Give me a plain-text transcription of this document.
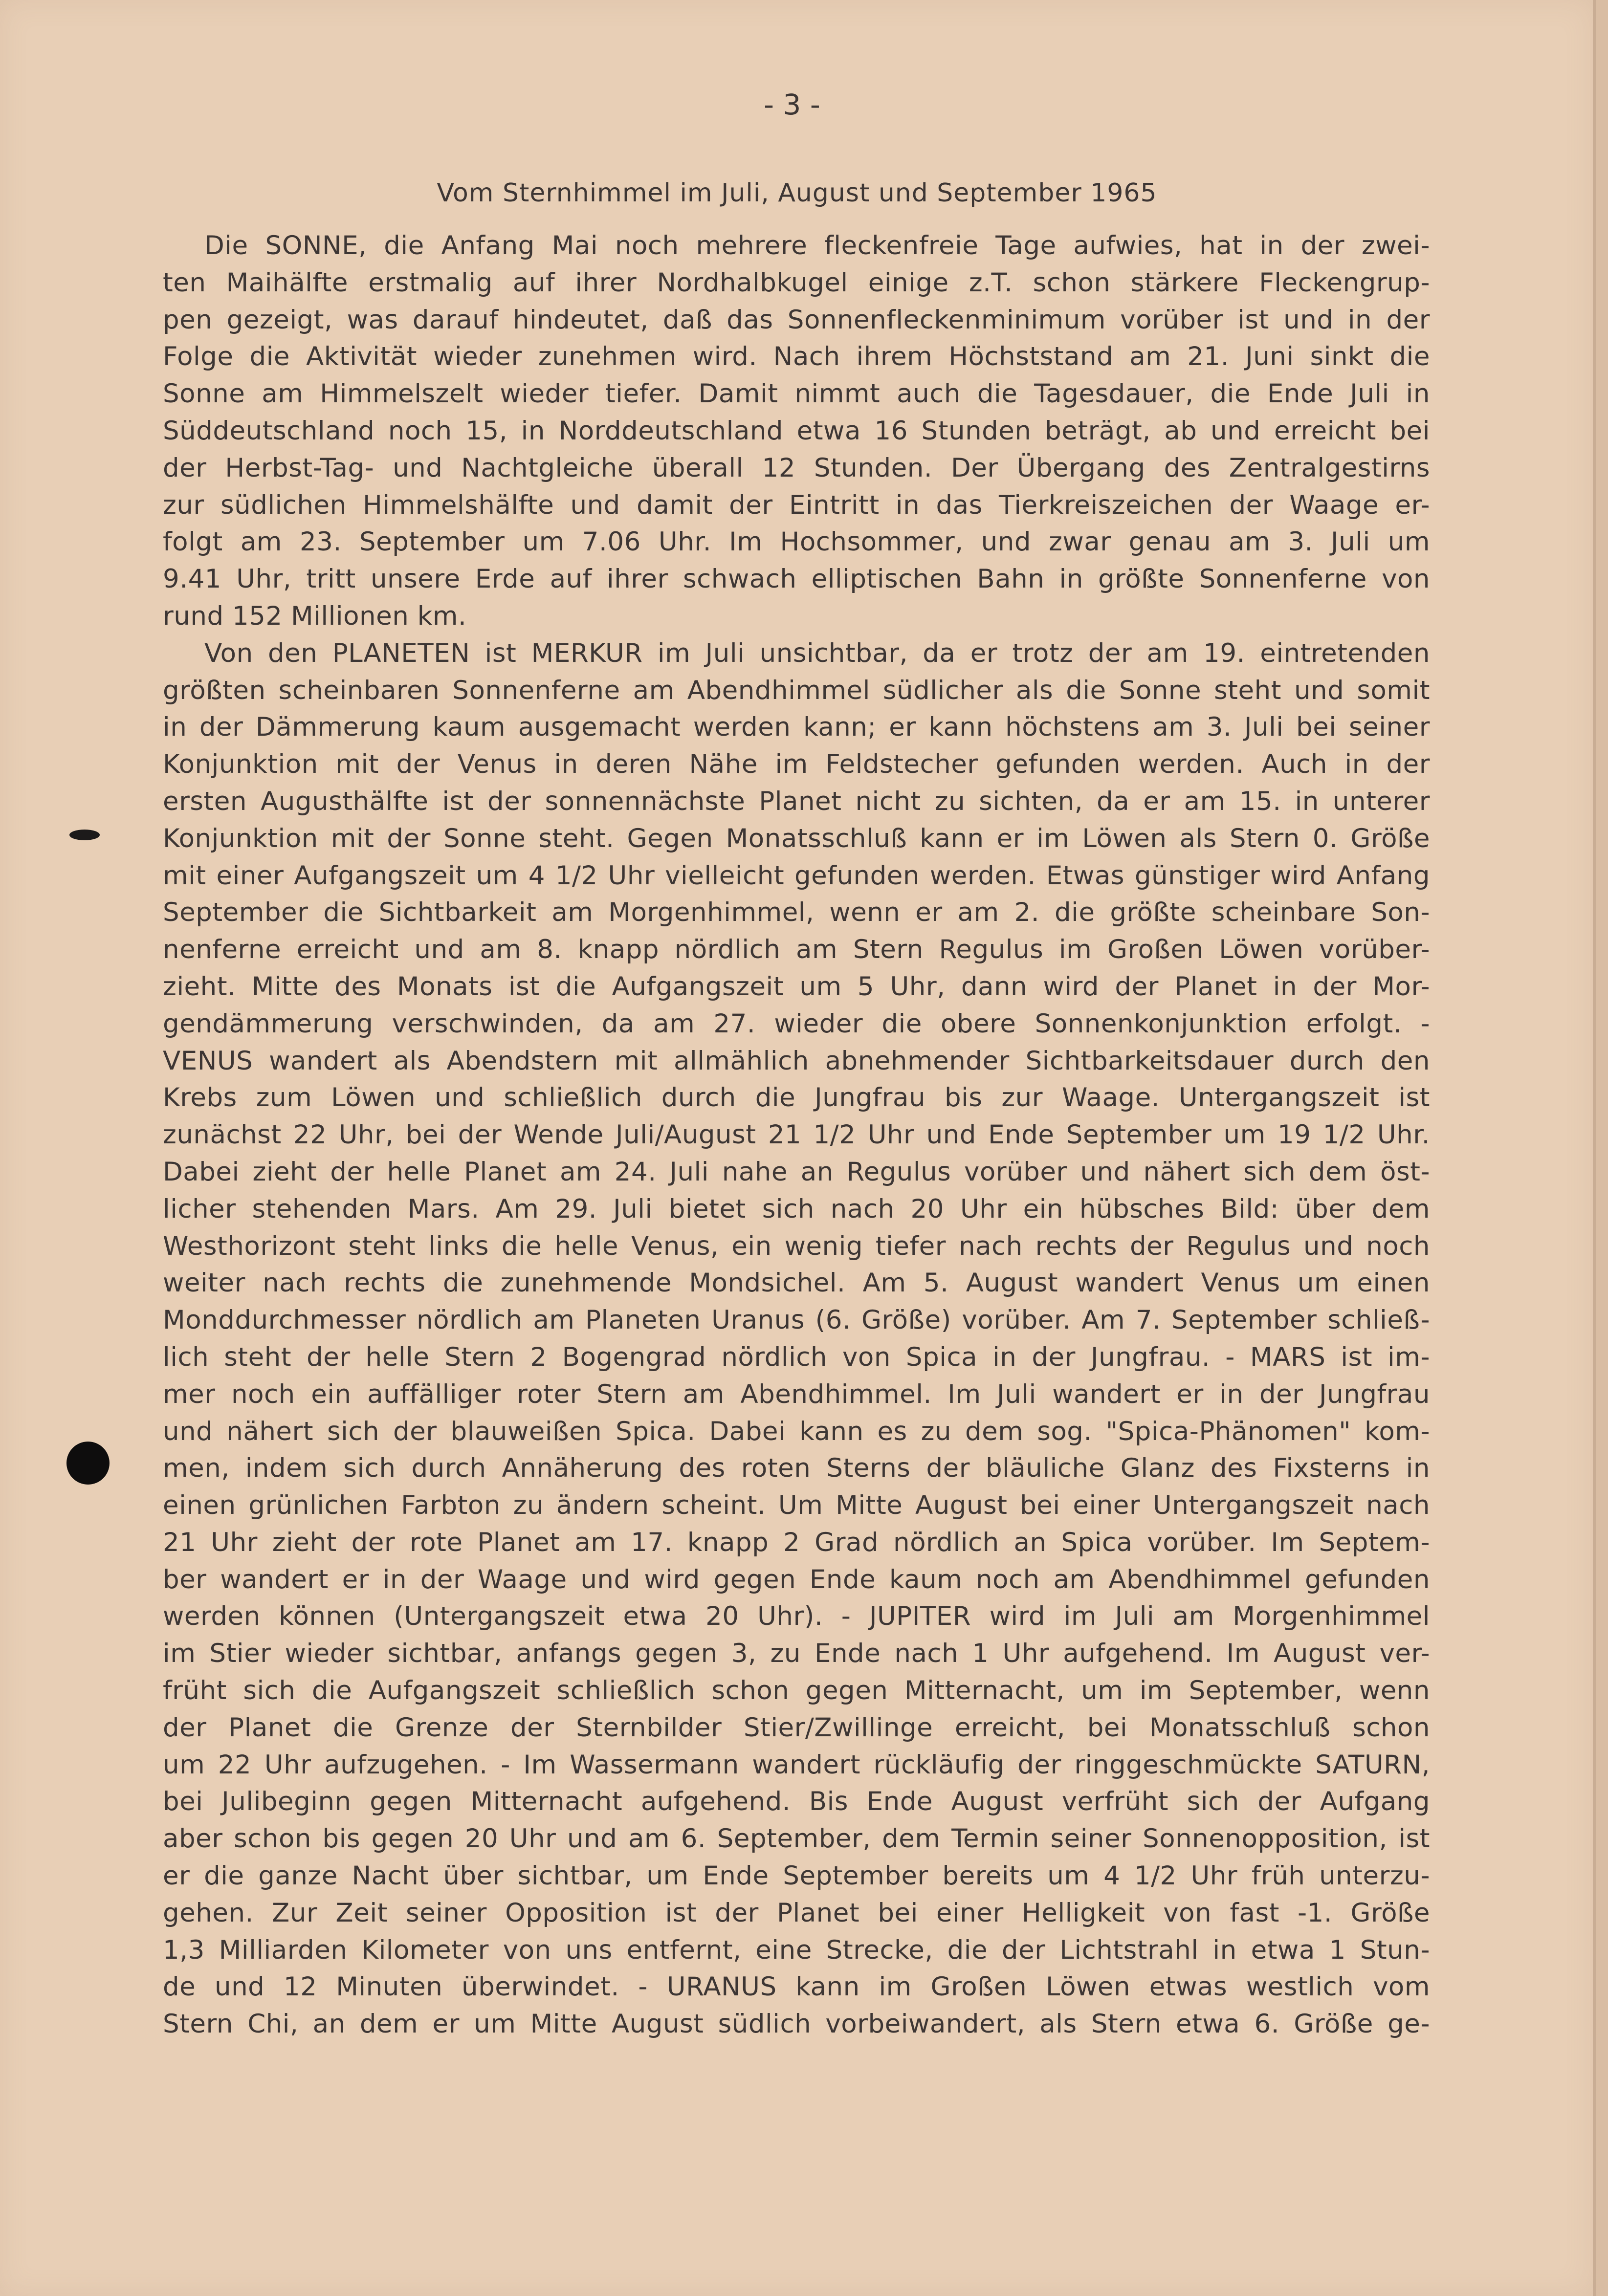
- 3 -
Vom Sternhimmel im Juli, August und September 1965
Die SONNE, die Anfang Mai noch mehrere fleckenfreie Tage aufwies, hat in der zwei-
ten Maihälfte erstmalig auf ihrer Nordhalbkugel einige z.T. schon stärkere Fleckengrup-
pen gezeigt, was darauf hindeutet, daß das Sonnenfleckenminimum vorüber ist und in der
Folge die Aktivität wieder zunehmen wird. Nach ihrem Höchststand am 21. Juni sinkt die
Sonne am Himmelszelt wieder tiefer. Damit nimmt auch die Tagesdauer, die Ende Juli in
Süddeutschland noch 15, in Norddeutschland etwa 16 Stunden beträgt, ab und erreicht bei
der Herbst-Tag- und Nachtgleiche überall 12 Stunden. Der Übergang des Zentralgestirns
zur südlichen Himmelshälfte und damit der Eintritt in das Tierkreiszeichen der Waage er-
folgt am 23. September um 7.06 Uhr. Im Hochsommer, und zwar genau am 3. Juli um
9.41 Uhr, tritt unsere Erde auf ihrer schwach elliptischen Bahn in größte Sonnenferne von
rund 152 Millionen km.
Von den PLANETEN ist MERKUR im Juli unsichtbar, da er trotz der am 19. eintretenden
größten scheinbaren Sonnenferne am Abendhimmel südlicher als die Sonne steht und somit
in der Dämmerung kaum ausgemacht werden kann; er kann höchstens am 3. Juli bei seiner
Konjunktion mit der Venus in deren Nähe im Feldstecher gefunden werden. Auch in der
ersten Augusthälfte ist der sonnennächste Planet nicht zu sichten, da er am 15. in unterer
Konjunktion mit der Sonne steht. Gegen Monatsschluß kann er im Löwen als Stern 0. Größe
mit einer Aufgangszeit um 4 1/2 Uhr vielleicht gefunden werden. Etwas günstiger wird Anfang
September die Sichtbarkeit am Morgenhimmel, wenn er am 2. die größte scheinbare Son-
nenferne erreicht und am 8. knapp nördlich am Stern Regulus im Großen Löwen vorüber-
zieht. Mitte des Monats ist die Aufgangszeit um 5 Uhr, dann wird der Planet in der Mor-
gendämmerung verschwinden, da am 27. wieder die obere Sonnenkonjunktion erfolgt. -
VENUS wandert als Abendstern mit allmählich abnehmender Sichtbarkeitsdauer durch den
Krebs zum Löwen und schließlich durch die Jungfrau bis zur Waage. Untergangszeit ist
zunächst 22 Uhr, bei der Wende Juli/August 21 1/2 Uhr und Ende September um 19 1/2 Uhr.
Dabei zieht der helle Planet am 24. Juli nahe an Regulus vorüber und nähert sich dem öst-
licher stehenden Mars. Am 29. Juli bietet sich nach 20 Uhr ein hübsches Bild: über dem
Westhorizont steht links die helle Venus, ein wenig tiefer nach rechts der Regulus und noch
weiter nach rechts die zunehmende Mondsichel. Am 5. August wandert Venus um einen
Monddurchmesser nördlich am Planeten Uranus (6. Größe) vorüber. Am 7. September schließ-
lich steht der helle Stern 2 Bogengrad nördlich von Spica in der Jungfrau. - MARS ist im-
mer noch ein auffälliger roter Stern am Abendhimmel. Im Juli wandert er in der Jungfrau
und nähert sich der blauweißen Spica. Dabei kann es zu dem sog. "Spica-Phänomen" kom-
men, indem sich durch Annäherung des roten Sterns der bläuliche Glanz des Fixsterns in
einen grünlichen Farbton zu ändern scheint. Um Mitte August bei einer Untergangszeit nach
21 Uhr zieht der rote Planet am 17. knapp 2 Grad nördlich an Spica vorüber. Im Septem-
ber wandert er in der Waage und wird gegen Ende kaum noch am Abendhimmel gefunden
werden können (Untergangszeit etwa 20 Uhr). - JUPITER wird im Juli am Morgenhimmel
im Stier wieder sichtbar, anfangs gegen 3, zu Ende nach 1 Uhr aufgehend. Im August ver-
früht sich die Aufgangszeit schließlich schon gegen Mitternacht, um im September, wenn
der Planet die Grenze der Sternbilder Stier/Zwillinge erreicht, bei Monatsschluß schon
um 22 Uhr aufzugehen. - Im Wassermann wandert rückläufig der ringgeschmückte SATURN,
bei Julibeginn gegen Mitternacht aufgehend. Bis Ende August verfrüht sich der Aufgang
aber schon bis gegen 20 Uhr und am 6. September, dem Termin seiner Sonnenopposition, ist
er die ganze Nacht über sichtbar, um Ende September bereits um 4 1/2 Uhr früh unterzu-
gehen. Zur Zeit seiner Opposition ist der Planet bei einer Helligkeit von fast -1. Größe
1,3 Milliarden Kilometer von uns entfernt, eine Strecke, die der Lichtstrahl in etwa 1 Stun-
de und 12 Minuten überwindet. - URANUS kann im Großen Löwen etwas westlich vom
Stern Chi, an dem er um Mitte August südlich vorbeiwandert, als Stern etwa 6. Größe ge-
